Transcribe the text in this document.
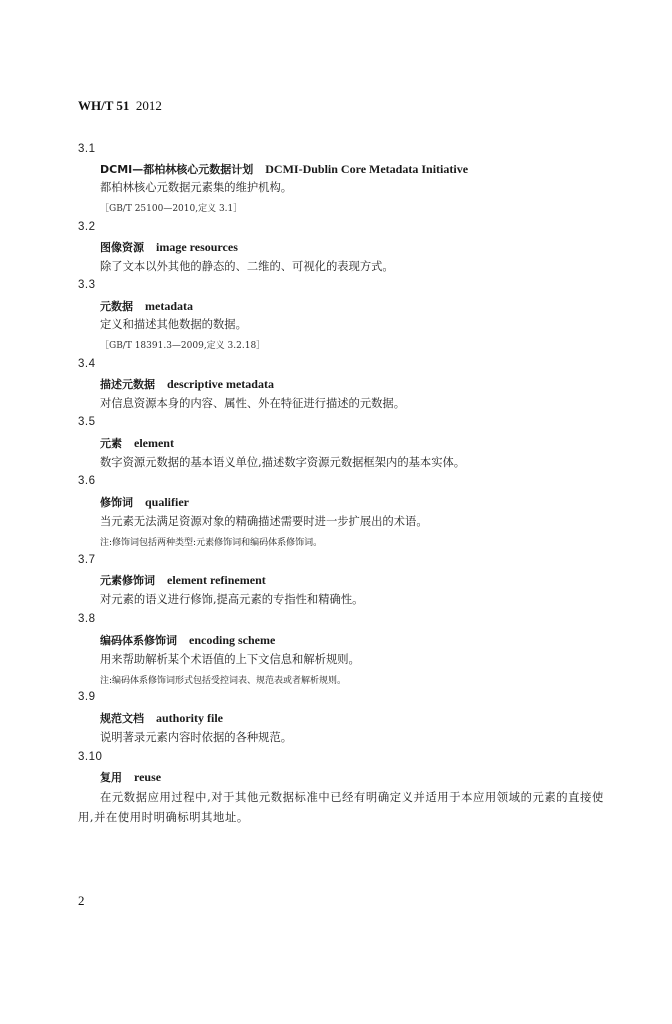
WH/T 51 2012
3.1
DCMI—都柏林核心元数据计划 DCMI-Dublin Core Metadata Initiative
都柏林核心元数据元素集的维护机构。
［GB/T 25100—2010,定义 3.1］
3.2
图像资源 image resources
除了文本以外其他的静态的、二维的、可视化的表现方式。
3.3
元数据 metadata
定义和描述其他数据的数据。
［GB/T 18391.3—2009,定义 3.2.18］
3.4
描述元数据 descriptive metadata
对信息资源本身的内容、属性、外在特征进行描述的元数据。
3.5
元素 element
数字资源元数据的基本语义单位,描述数字资源元数据框架内的基本实体。
3.6
修饰词 qualifier
当元素无法满足资源对象的精确描述需要时进一步扩展出的术语。
注:修饰词包括两种类型:元素修饰词和编码体系修饰词。
3.7
元素修饰词 element refinement
对元素的语义进行修饰,提高元素的专指性和精确性。
3.8
编码体系修饰词 encoding scheme
用来帮助解析某个术语值的上下文信息和解析规则。
注:编码体系修饰词形式包括受控词表、规范表或者解析规则。
3.9
规范文档 authority file
说明著录元素内容时依据的各种规范。
3.10
复用 reuse
在元数据应用过程中,对于其他元数据标准中已经有明确定义并适用于本应用领域的元素的直接使用,并在使用时明确标明其地址。
2
